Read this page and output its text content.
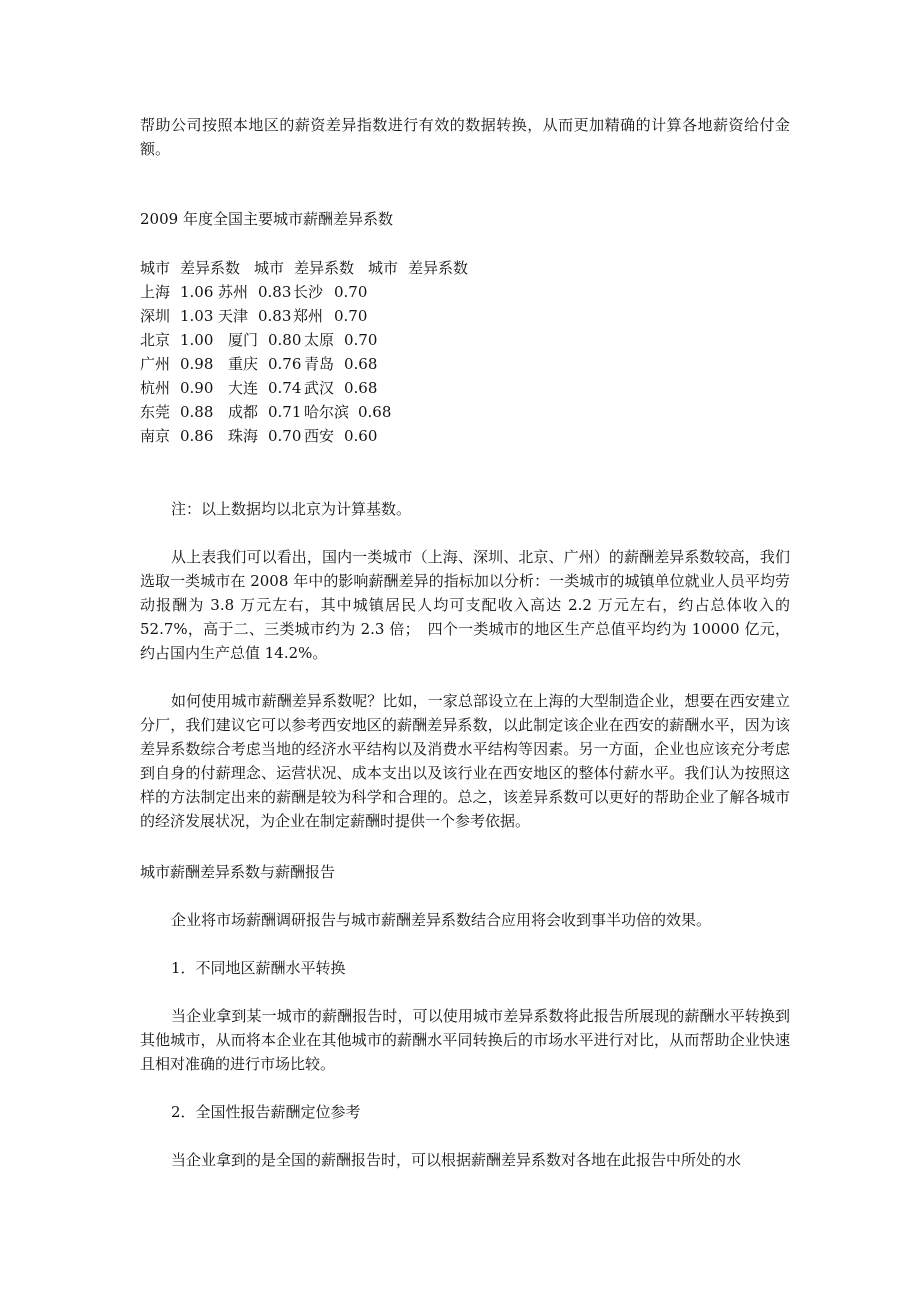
帮助公司按照本地区的薪资差异指数进行有效的数据转换，从而更加精确的计算各地薪资给付金额。

2009 年度全国主要城市薪酬差异系数
城市 差异系数 城市 差异系数 城市 差异系数
上海 1.06 苏州 0.83 长沙 0.70
深圳 1.03 天津 0.83 郑州 0.70
北京 1.00 厦门 0.80 太原 0.70
广州 0.98 重庆 0.76 青岛 0.68
杭州 0.90 大连 0.74 武汉 0.68
东莞 0.88 成都 0.71 哈尔滨 0.68
南京 0.86 珠海 0.70 西安 0.60
注：以上数据均以北京为计算基数。

从上表我们可以看出，国内一类城市（上海、深圳、北京、广州）的薪酬差异系数较高，我们选取一类城市在 2008 年中的影响薪酬差异的指标加以分析：一类城市的城镇单位就业人员平均劳动报酬为 3.8 万元左右，其中城镇居民人均可支配收入高达 2.2 万元左右，约占总体收入的 52.7%，高于二、三类城市约为 2.3 倍；　四个一类城市的地区生产总值平均约为 10000 亿元，约占国内生产总值 14.2%。

如何使用城市薪酬差异系数呢？比如，一家总部设立在上海的大型制造企业，想要在西安建立分厂，我们建议它可以参考西安地区的薪酬差异系数，以此制定该企业在西安的薪酬水平，因为该差异系数综合考虑当地的经济水平结构以及消费水平结构等因素。另一方面，企业也应该充分考虑到自身的付薪理念、运营状况、成本支出以及该行业在西安地区的整体付薪水平。我们认为按照这样的方法制定出来的薪酬是较为科学和合理的。总之，该差异系数可以更好的帮助企业了解各城市的经济发展状况，为企业在制定薪酬时提供一个参考依据。

城市薪酬差异系数与薪酬报告

企业将市场薪酬调研报告与城市薪酬差异系数结合应用将会收到事半功倍的效果。

1．不同地区薪酬水平转换

当企业拿到某一城市的薪酬报告时，可以使用城市差异系数将此报告所展现的薪酬水平转换到其他城市，从而将本企业在其他城市的薪酬水平同转换后的市场水平进行对比，从而帮助企业快速且相对准确的进行市场比较。

2．全国性报告薪酬定位参考

当企业拿到的是全国的薪酬报告时，可以根据薪酬差异系数对各地在此报告中所处的水
